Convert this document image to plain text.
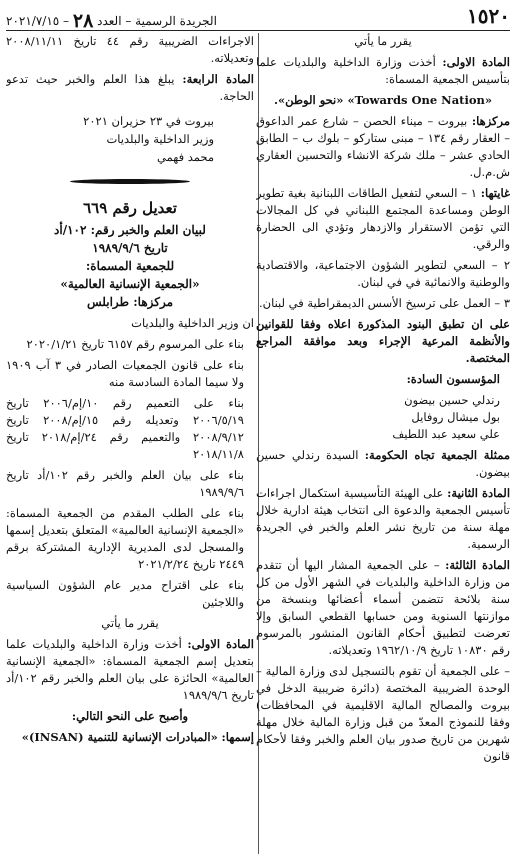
١٥٢٠
الجريدة الرسمية – العدد ٢٨ – ٢٠٢١/٧/١٥

يقرر ما يأتي

المادة الاولى: أخذت وزارة الداخلية والبلديات علما بتأسيس الجمعية المسماة:

«Towards One Nation» «نحو الوطن».

مركزها: بيروت – ميناء الحصن – شارع عمر الداعوق – العقار رقم ١٣٤ – مبنى ستاركو – بلوك ب – الطابق الحادي عشر – ملك شركة الانشاء والتحسين العقاري ش.م.ل.

غايتها: ١ – السعي لتفعيل الطاقات اللبنانية بغية تطوير الوطن ومساعدة المجتمع اللبناني في كل المجالات التي تؤمن الاستقرار والازدهار وتؤدي الى الحضارة والرقي.

٢ – السعي لتطوير الشؤون الاجتماعية، والاقتصادية والوطنية والانمائية في في لبنان.

٣ – العمل على ترسيخ الأسس الديمقراطية في لبنان.

على ان تطبق البنود المذكورة اعلاه وفقا للقوانين والأنظمة المرعية الإجراء وبعد موافقة المراجع المختصة.

المؤسسون السادة:

رندلي حسين بيضون

بول ميشال روفايل

علي سعيد عبد اللطيف

ممثلة الجمعية تجاه الحكومة: السيدة رندلي حسين بيضون.

المادة الثانية: على الهيئة التأسيسية استكمال اجراءات تأسيس الجمعية والدعوة الى انتخاب هيئة ادارية خلال مهلة سنة من تاريخ نشر العلم والخبر في الجريدة الرسمية.

المادة الثالثة: – على الجمعية المشار اليها أن تتقدم من وزارة الداخلية والبلديات في الشهر الأول من كل سنة بلائحة تتضمن أسماء أعضائها وبنسخة من موازنتها السنوية ومن حسابها القطعي السابق وإلا تعرضت لتطبيق أحكام القانون المنشور بالمرسوم رقم ١٠٨٣٠ تاريخ ١٩٦٢/١٠/٩ وتعديلاته.

– على الجمعية أن تقوم بالتسجيل لدى وزارة المالية – الوحدة الضريبية المختصة (دائرة ضريبية الدخل في بيروت والمصالح المالية الاقليمية في المحافظات) وفقا للنموذج المعدّ من قبل وزارة المالية خلال مهلة شهرين من تاريخ صدور بيان العلم والخبر وفقا لأحكام قانون

الاجراءات الضريبية رقم ٤٤ تاريخ ٢٠٠٨/١١/١١ وتعديلاته.

المادة الرابعة: يبلغ هذا العلم والخبر حيث تدعو الحاجة.

بيروت في ٢٣ حزيران ٢٠٢١

وزير الداخلية والبلديات

محمد فهمي

تعديل رقم ٦٦٩
لبيان العلم والخبر رقم: ١٠٢/أد
تاريخ ١٩٨٩/٩/٦
للجمعية المسماة:
«الجمعية الإنسانية العالمية»
مركزها: طرابلس

ان وزير الداخلية والبلديات

بناء على المرسوم رقم ٦١٥٧ تاريخ ٢٠٢٠/١/٢١

بناء على قانون الجمعيات الصادر في ٣ آب ١٩٠٩ ولا سيما المادة السادسة منه

بناء على التعميم رقم ١٠/إم/٢٠٠٦ تاريخ ٢٠٠٦/٥/١٩ وتعديله رقم ١٥/إم/٢٠٠٨ تاريخ ٢٠٠٨/٩/١٢ والتعميم رقم ٢٤/إم/٢٠١٨ تاريخ ٢٠١٨/١١/٨

بناء على بيان العلم والخبر رقم ١٠٢/أد تاريخ ١٩٨٩/٩/٦

بناء على الطلب المقدم من الجمعية المسماة: «الجمعية الإنسانية العالمية» المتعلق بتعديل إسمها والمسجل لدى المديرية الإدارية المشتركة برقم ٢٤٤٩ تاريخ ٢٠٢١/٢/٢٤

بناء على اقتراح مدير عام الشؤون السياسية واللاجئين

يقرر ما يأتي

المادة الاولى: أخذت وزارة الداخلية والبلديات علما بتعديل إسم الجمعية المسماة: «الجمعية الإنسانية العالمية» الحائزة على بيان العلم والخبر رقم ١٠٢/أد تاريخ ١٩٨٩/٩/٦

وأصبح على النحو التالي:

إسمها: «المبادرات الإنسانية للتنمية (INSAN)»
